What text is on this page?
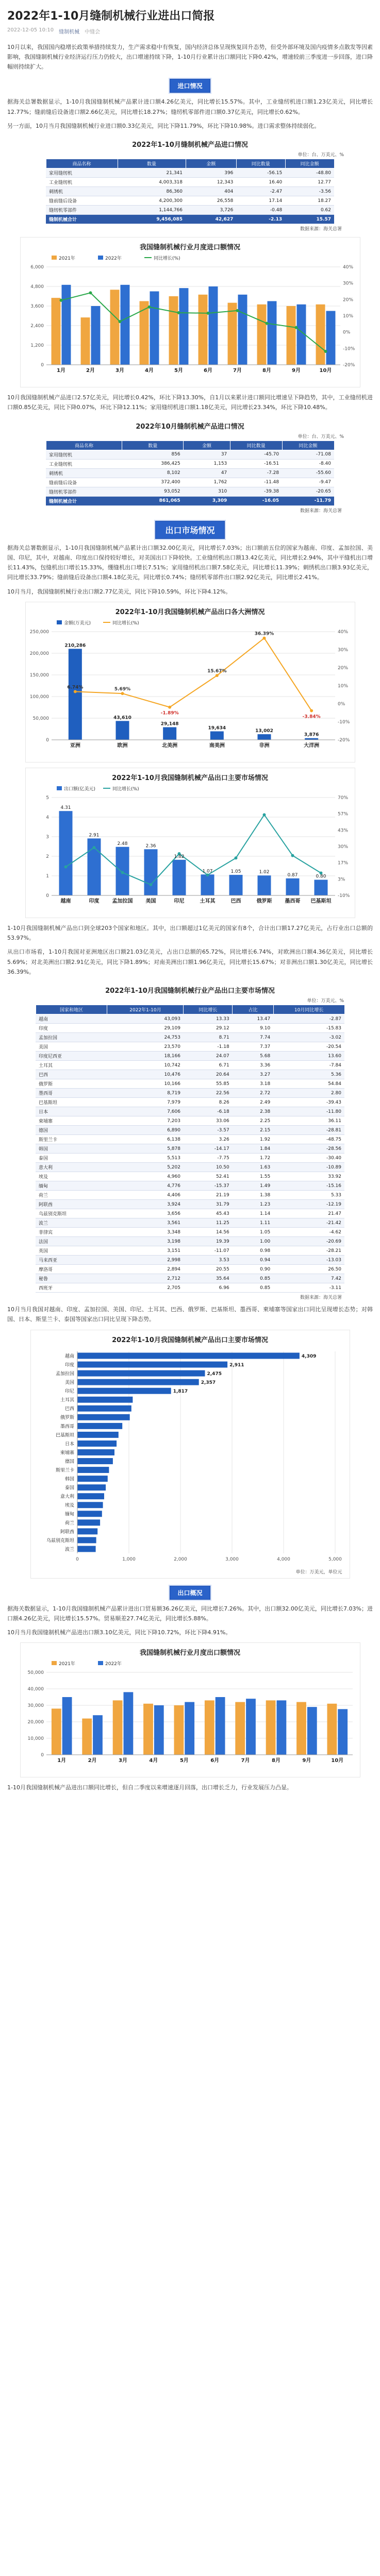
2022年1-10月缝制机械行业进出口简报
2022-12-05 10:10 缝制机械 中缝会

10月以来，我国国内稳增长政策举措持续发力，生产需求稳中有恢复，国内经济总体呈现恢复回升态势，但受外部环境及国内疫情多点散发等因素影响，我国缝制机械行业经济运行压力仍较大，出口增速持续下降，1-10月行业累计出口额同比下降0.42%，增速较前三季度进一步回落，进口降幅则持续扩大。

进口情况

据海关总署数据显示，1-10月我国缝制机械产品累计进口额4.26亿美元，同比增长15.57%。其中，工业缝纫机进口额1.23亿美元，同比增长12.77%；缝前缝后设备进口额2.66亿美元，同比增长18.27%；缝纫机零部件进口额0.37亿美元，同比增长0.62%。

另一方面，10月当月我国缝制机械行业进口额0.33亿美元，同比下降11.79%，环比下降10.98%。进口需求整体持续弱化。

2022年1-10月缝制机械产品进口情况
单位：台、万美元、%
商品名称	数量	金额	同比数量	同比金额
家用缝纫机	21,341	396	-56.15	-48.80
工业缝纫机	4,003,318	12,343	16.40	12.77
刺绣机	86,360	404	-2.47	-3.56
缝前缝后设备	4,200,300	26,558	17.14	18.27
缝纫机零部件	1,144,766	3,726	-0.48	0.62
缝制机械合计	9,456,085	42,627	-2.13	15.57
数据来源：海关总署
我国缝制机械行业月度进口额情况
0
1,200
2,400
3,600
4,800
6,000
1月	2月	3月	4月	5月	6月	7月	8月	9月	10月
-20%
-10%
0%
10%
20%
30%
40%
2021年	2022年	同比增长(%)

10月我国缝制机械产品进口2.57亿美元，同比增长0.42%，环比下降13.30%，自1月以来累计进口额同比增速呈下降趋势，其中，工业缝纫机进口额0.85亿美元，同比下降0.07%，环比下降12.11%；家用缝纫机进口额1.18亿美元，同比增长23.34%，环比下降10.48%。

2022年10月缝制机械产品进口情况
单位：台、万美元、%
商品名称	数量	金额	同比数量	同比金额
家用缝纫机	856	37	-45.70	-71.08
工业缝纫机	386,425	1,153	-16.51	-8.40
刺绣机	8,102	47	-7.28	-55.60
缝前缝后设备	372,400	1,762	-11.48	-9.47
缝纫机零部件	93,052	310	-39.38	-20.65
缝制机械合计	861,065	3,309	-16.05	-11.79
数据来源：海关总署
出口市场情况

据海关总署数据显示，1-10月我国缝制机械产品累计出口额32.00亿美元，同比增长7.03%；出口额前五位的国家为越南、印度、孟加拉国、美国、印尼，其中，对越南、印度出口保持较好增长，对美国出口下降较快。工业缝纫机出口额13.42亿美元，同比增长2.94%，其中平缝机出口增长11.43%，包缝机出口增长15.33%，绷缝机出口增长7.51%；家用缝纫机出口额7.58亿美元，同比增长11.39%；刺绣机出口额3.93亿美元，同比增长33.79%；缝前缝后设备出口额4.18亿美元，同比增长0.74%；缝纫机零部件出口额2.92亿美元，同比增长2.41%。

10月当月，我国缝制机械行业出口额2.77亿美元，同比下降10.59%，环比下降4.12%。

2022年1-10月我国缝制机械产品出口各大洲情况
0
50,000
100,000
150,000
200,000
250,000
210,286
43,610
29,148
19,634
13,002
3,876
亚洲	欧洲	北美洲	南美洲	非洲	大洋洲
-20%
-10%
0%
10%
20%
30%
40%
6.74%	5.69%
-1.89%
15.67%
36.39%
-3.84%
金额(万美元)	同比增长(%)
2022年1-10月我国缝制机械产品出口主要市场情况
0
1
2
3
4
5
越南	印度	孟加拉国	美国	印尼	土耳其	巴西	俄罗斯	墨西哥 巴基斯坦
-10%
3%
17%
30%
43%
57%
70%
出口额(亿美元)	同比增长(%)
4.31
2.91
2.48	2.36
1.82
1.07	1.05	1.02
0.87	0.80

1-10月我国缝制机械产品出口到全球203个国家和地区。其中，出口额超过1亿美元的国家有8个，合计出口额17.27亿美元，占行业出口总额的53.97%。

从出口市场看，1-10月我国对亚洲地区出口额21.03亿美元，占出口总额的65.72%，同比增长6.74%，对欧洲出口额4.36亿美元，同比增长5.69%；对北美洲出口额2.91亿美元，同比下降1.89%；对南美洲出口额1.96亿美元，同比增长15.67%；对非洲出口额1.30亿美元，同比增长36.39%。

2022年1-10月我国缝制机械行业产品出口主要市场情况
单位：万美元、%
国家和地区	2022年1-10月	同比增长	占比	10月同比增长
越南	43,093	13.33	13.47	-2.87
印度	29,109	29.12	9.10	-15.83
孟加拉国	24,753	8.71	7.74	-3.02
美国	23,570	-1.18	7.37	-20.54
印度尼西亚	18,166	24.07	5.68	13.60
土耳其	10,742	6.71	3.36	-7.84
巴西	10,476	20.64	3.27	5.36
俄罗斯	10,166	55.85	3.18	54.84
墨西哥	8,719	22.56	2.72	2.80
巴基斯坦	7,979	8.26	2.49	-39.43
日本	7,606	-6.18	2.38	-11.80
柬埔寨	7,203	33.06	2.25	36.11
德国	6,890	-3.57	2.15	-28.81
斯里兰卡	6,138	3.26	1.92	-48.75
韩国	5,878	-14.17	1.84	-28.56
泰国	5,513	-7.75	1.72	-30.40
意大利	5,202	10.50	1.63	-10.89
埃及	4,960	52.41	1.55	33.92
缅甸	4,776	-15.37	1.49	-15.16
荷兰	4,406	21.19	1.38	5.33
阿联酋	3,924	31.79	1.23	-12.19
乌兹别克斯坦	3,656	45.43	1.14	21.47
波兰	3,561	11.25	1.11	-21.42
菲律宾	3,348	14.56	1.05	-4.62
法国	3,198	19.39	1.00	-20.69
英国	3,151	-11.07	0.98	-28.21
马来西亚	2,998	3.53	0.94	-13.03
摩洛哥	2,894	20.55	0.90	26.50
秘鲁	2,712	35.64	0.85	7.42
西班牙	2,705	6.96	0.85	-3.11
数据来源：海关总署

10月当月我国对越南、印度、孟加拉国、美国、印尼、土耳其、巴西、俄罗斯、巴基斯坦、墨西哥、柬埔寨等国家出口同比呈现增长态势；对韩国、日本、斯里兰卡、泰国等国家出口同比呈现下降态势。

2022年1-10月我国缝制机械产品出口主要市场情况
0	1,000	2,000	3,000	4,000	5,000
越南	4,309
印度	2,911
孟加拉国	2,475
美国	2,357
印尼	1,817
土耳其
巴西
俄罗斯
墨西哥
巴基斯坦
日本
柬埔寨
德国
斯里兰卡
韩国
泰国
意大利
埃及
缅甸
荷兰
阿联酋
乌兹别克斯坦
波兰
单位：万美元，单位元
出口概况

据海关数据显示，1-10月我国缝制机械产品累计进出口贸易额36.26亿美元，同比增长7.26%。其中，出口额32.00亿美元，同比增长7.03%；进口额4.26亿美元，同比增长15.57%。贸易顺差27.74亿美元，同比增长5.88%。

10月当月我国缝制机械产品进出口额3.10亿美元，同比下降10.72%，环比下降4.91%。

我国缝制机械行业月度出口额情况
0
10,000
20,000
30,000
40,000
50,000
1月	2月	3月	4月	5月	6月	7月	8月	9月	10月
2021年	2022年

1-10月我国缝制机械产品进出口额同比增长，但自二季度以来增速逐月回落，出口增长乏力，行业发展压力凸显。
